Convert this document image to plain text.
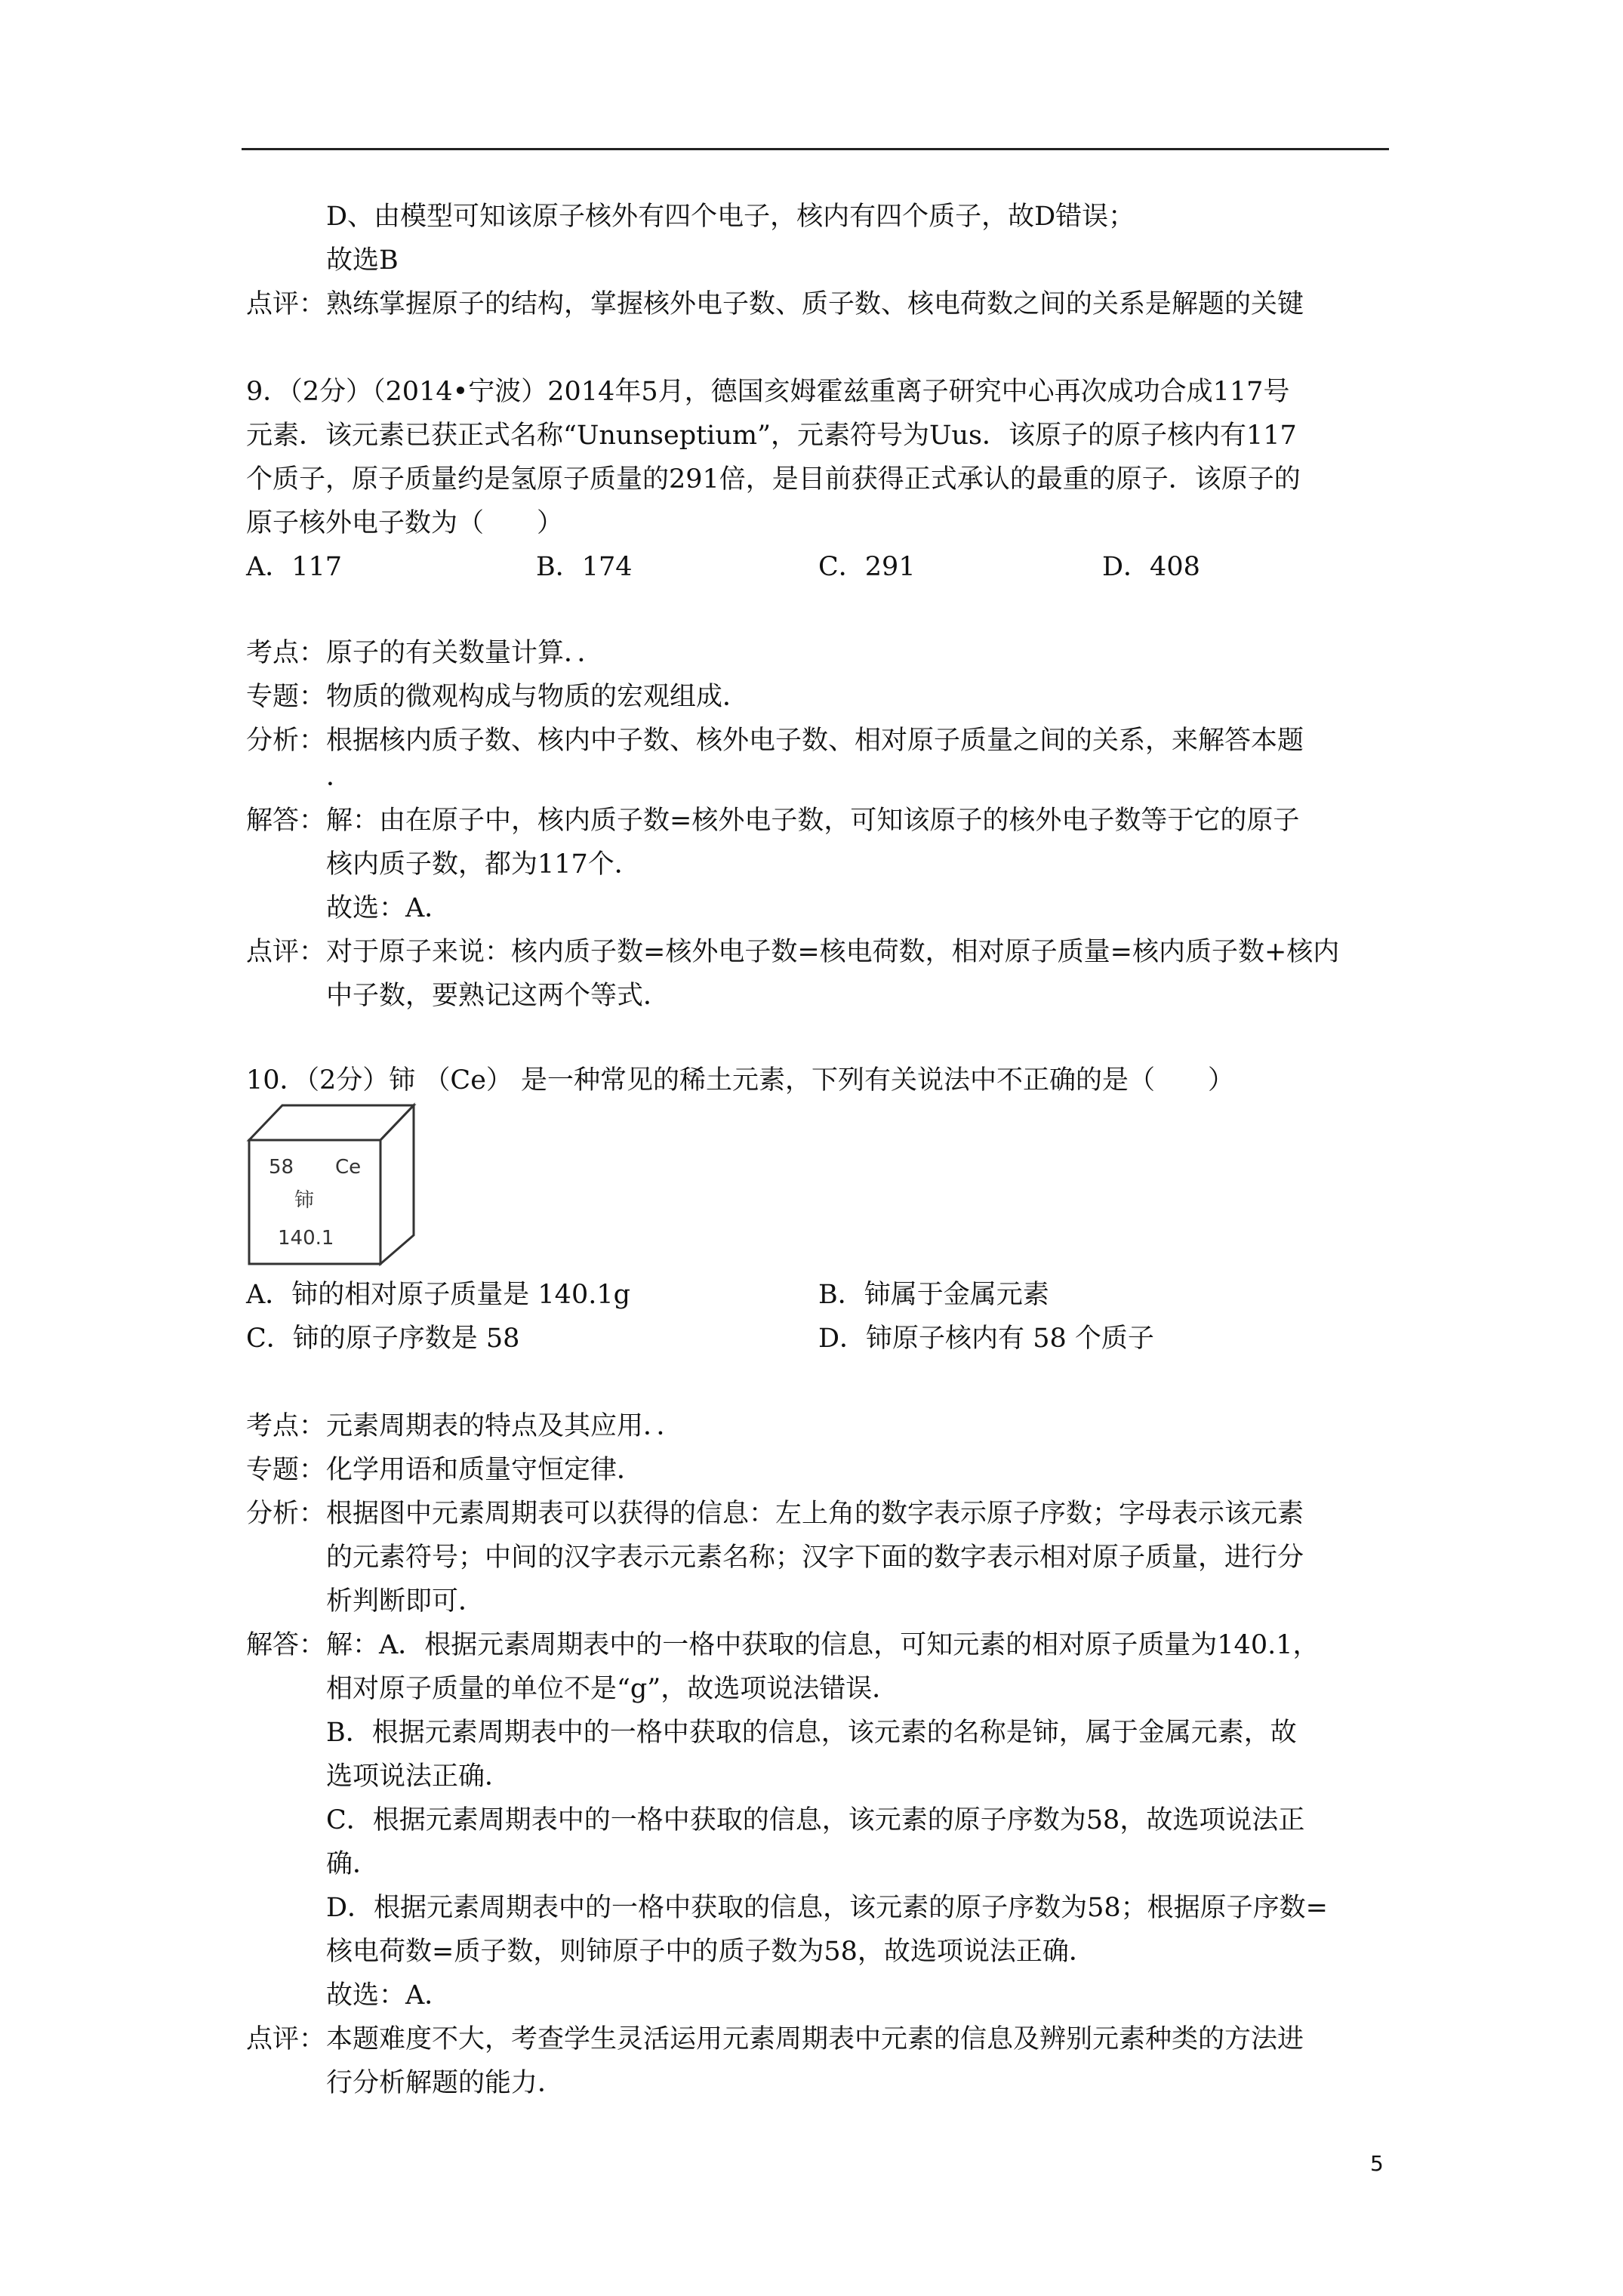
D、由模型可知该原子核外有四个电子，核内有四个质子，故D错误；
故选B
点评： 熟练掌握原子的结构，掌握核外电子数、质子数、核电荷数之间的关系是解题的关键
9．（2分）（2014•宁波）2014年5月，德国亥姆霍兹重离子研究中心再次成功合成117号
元素．该元素已获正式名称“Ununseptium”，元素符号为Uus．该原子的原子核内有117
个质子，原子质量约是氢原子质量的291倍，是目前获得正式承认的最重的原子．该原子的
原子核外电子数为（　　）
A．117	B．174	C．291	D．408
考点： 原子的有关数量计算．．
专题： 物质的微观构成与物质的宏观组成．
分析： 根据核内质子数、核内中子数、核外电子数、相对原子质量之间的关系，来解答本题
．
解答： 解：由在原子中，核内质子数=核外电子数，可知该原子的核外电子数等于它的原子
核内质子数，都为117个．
故选：A．
点评： 对于原子来说：核内质子数=核外电子数=核电荷数，相对原子质量=核内质子数+核内
中子数，要熟记这两个等式．
10．（2分）铈 （Ce） 是一种常见的稀土元素，下列有关说法中不正确的是（　　）
58 Ce
铈
140.1
A．铈的相对原子质量是 140.1g	B．铈属于金属元素
C．铈的原子序数是 58	D．铈原子核内有 58 个质子
考点： 元素周期表的特点及其应用．．
专题： 化学用语和质量守恒定律．
分析： 根据图中元素周期表可以获得的信息：左上角的数字表示原子序数；字母表示该元素
的元素符号；中间的汉字表示元素名称；汉字下面的数字表示相对原子质量，进行分
析判断即可．
解答： 解：A．根据元素周期表中的一格中获取的信息，可知元素的相对原子质量为140.1，
相对原子质量的单位不是“g”，故选项说法错误．
B．根据元素周期表中的一格中获取的信息，该元素的名称是铈，属于金属元素，故
选项说法正确．
C．根据元素周期表中的一格中获取的信息，该元素的原子序数为58，故选项说法正
确．
D．根据元素周期表中的一格中获取的信息，该元素的原子序数为58；根据原子序数=
核电荷数=质子数，则铈原子中的质子数为58，故选项说法正确．
故选：A．
点评： 本题难度不大，考查学生灵活运用元素周期表中元素的信息及辨别元素种类的方法进
行分析解题的能力．
5
